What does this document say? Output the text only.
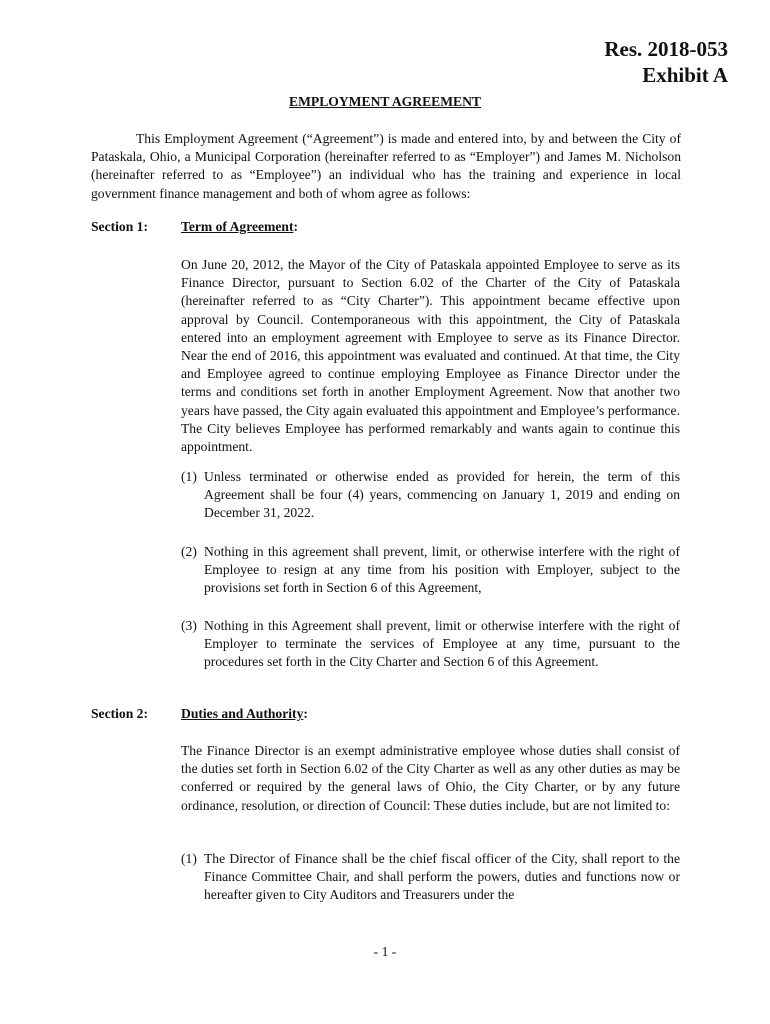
Res. 2018-053
Exhibit A
EMPLOYMENT AGREEMENT
This Employment Agreement (“Agreement”) is made and entered into, by and between the City of Pataskala, Ohio, a Municipal Corporation (hereinafter referred to as “Employer”) and James M. Nicholson (hereinafter referred to as “Employee”) an individual who has the training and experience in local government finance management and both of whom agree as follows:
Section 1: Term of Agreement:
On June 20, 2012, the Mayor of the City of Pataskala appointed Employee to serve as its Finance Director, pursuant to Section 6.02 of the Charter of the City of Pataskala (hereinafter referred to as “City Charter”). This appointment became effective upon approval by Council. Contemporaneous with this appointment, the City of Pataskala entered into an employment agreement with Employee to serve as its Finance Director. Near the end of 2016, this appointment was evaluated and continued. At that time, the City and Employee agreed to continue employing Employee as Finance Director under the terms and conditions set forth in another Employment Agreement. Now that another two years have passed, the City again evaluated this appointment and Employee’s performance. The City believes Employee has performed remarkably and wants again to continue this appointment.
(1) Unless terminated or otherwise ended as provided for herein, the term of this Agreement shall be four (4) years, commencing on January 1, 2019 and ending on December 31, 2022.
(2) Nothing in this agreement shall prevent, limit, or otherwise interfere with the right of Employee to resign at any time from his position with Employer, subject to the provisions set forth in Section 6 of this Agreement,
(3) Nothing in this Agreement shall prevent, limit or otherwise interfere with the right of Employer to terminate the services of Employee at any time, pursuant to the procedures set forth in the City Charter and Section 6 of this Agreement.
Section 2: Duties and Authority:
The Finance Director is an exempt administrative employee whose duties shall consist of the duties set forth in Section 6.02 of the City Charter as well as any other duties as may be conferred or required by the general laws of Ohio, the City Charter, or by any future ordinance, resolution, or direction of Council: These duties include, but are not limited to:
(1) The Director of Finance shall be the chief fiscal officer of the City, shall report to the Finance Committee Chair, and shall perform the powers, duties and functions now or hereafter given to City Auditors and Treasurers under the
- 1 -
